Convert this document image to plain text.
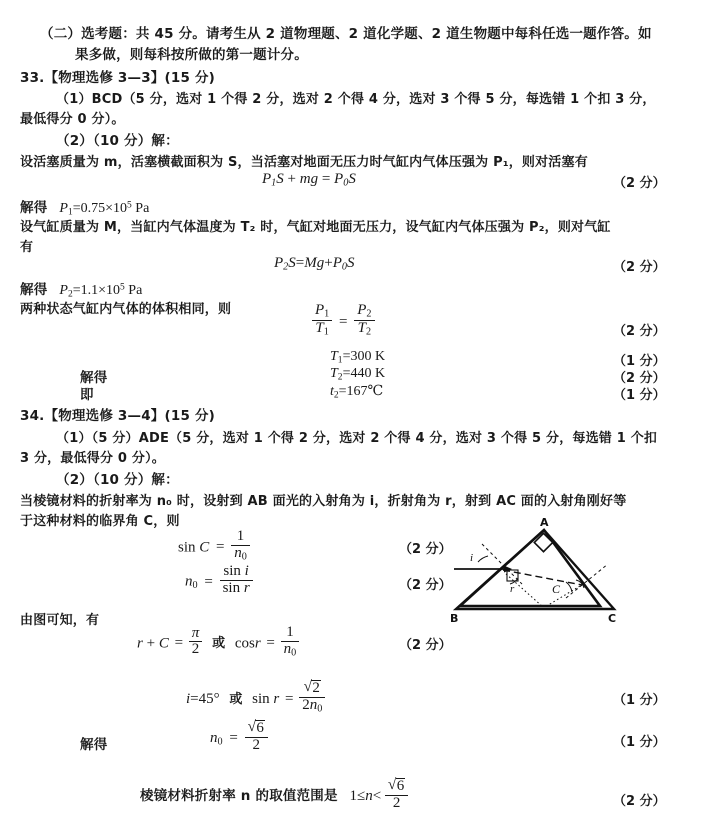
（二）选考题：共 45 分。请考生从 2 道物理题、2 道化学题、2 道生物题中每科任选一题作答。如
果多做，则每科按所做的第一题计分。
33.【物理选修 3—3】(15 分)
（1）BCD（5 分，选对 1 个得 2 分，选对 2 个得 4 分，选对 3 个得 5 分，每选错 1 个扣 3 分，
最低得分 0 分）。
（2）（10 分）解：
设活塞质量为 m，活塞横截面积为 S，当活塞对地面无压力时气缸内气体压强为 P₁，则对活塞有
$P_1S$ + mg = $P_0S$	（2 分）
解得 $P_1=0.75\times 10^5$ Pa
设气缸质量为 M，当缸内气体温度为 T₂ 时，气缸对地面无压力，设气缸内气体压强为 P₂，则对气缸
有
$P_2S=Mg+P_0S$	（2 分）
解得 $P_2=1.1\times 10^5$ Pa
两种状态气缸内气体的体积相同，则	$\frac{P_1}{T_1} = \frac{P_2}{T_2}$	（2 分）
$T_1=300$ K	（1 分）
解得	$T_2=440$ K	（2 分）
即	$t_2=167℃$	（1 分）
34.【物理选修 3—4】(15 分)
（1）（5 分）ADE（5 分，选对 1 个得 2 分，选对 2 个得 4 分，选对 3 个得 5 分，每选错 1 个扣
3 分，最低得分 0 分）。
（2）（10 分）解：
当棱镜材料的折射率为 n₀ 时，设射到 AB 面光的入射角为 i，折射角为 r，射到 AC 面的入射角刚好等
于这种材料的临界角 C，则
$\sin C = \frac{1}{n_0}$	（2 分）
$n_0 = \frac{\text{sin i}}{\text{sin r}}$	（2 分）
i
r	C
A
B	C
由图可知，有
$r + C = \frac{\pi}{2}$ 或 $\cos r = \frac{1}{n_0}$	（2 分）
i=45° 或 sin r = √ $\frac{2}{2n_0}$	（1 分）
解得	$n_0$ = √ $\frac{6}{2}$	（1 分）
棱镜材料折射率 n 的取值范围是 1≤n< √ $\frac{6}{2}$	（2 分）
